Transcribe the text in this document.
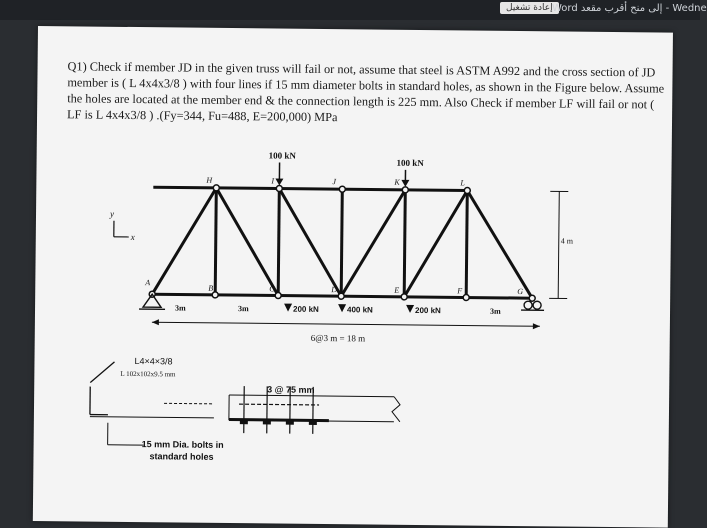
إعادة تشغيل Word إلى منح أقرب مقعد - Wedne
Q1) Check if member JD in the given truss will fail or not, assume that steel is ASTM A992 and the cross section of JD member is ( L 4x4x3/8 ) with four lines if 15 mm diameter bolts in standard holes, as shown in the Figure below. Assume the holes are located at the member end & the connection length is 225 mm. Also Check if member LF will fail or not ( LF is L 4x4x3/8 ) .(Fy=344, Fu=488, E=200,000) MPa
y
x
100 kN
100 kN
200 kN	400 kN	200 kN
H	I	J	K	L
A
B	C	D	E	F	G
3m	3m	3m
6@3 m = 18 m
4 m
L4×4×3/8
L 102x102x9.5 mm
3 @ 75 mm
15 mm Dia. bolts in
standard holes
